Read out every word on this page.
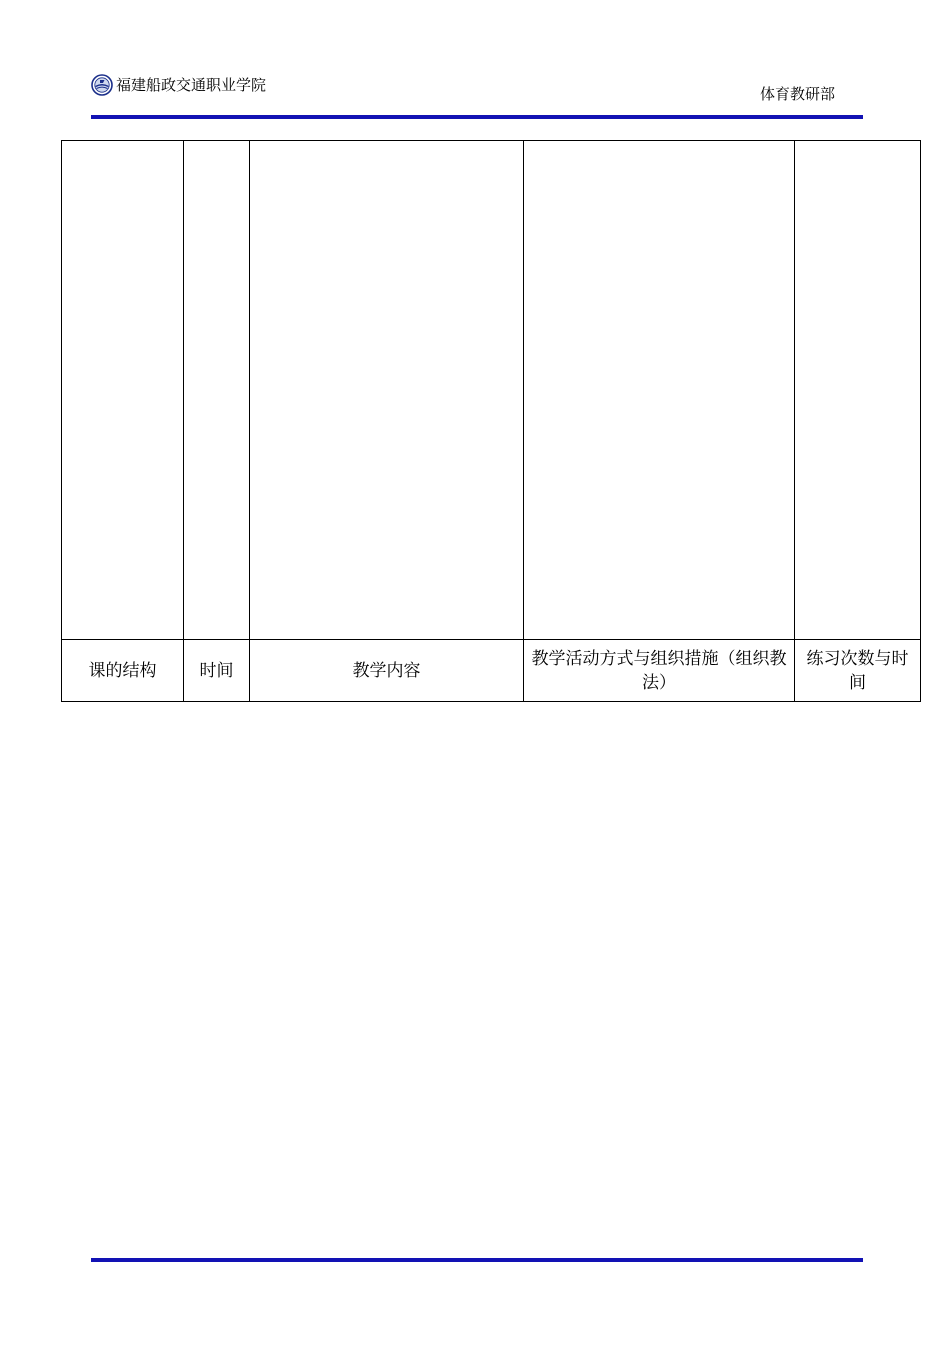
福建船政交通职业学院	体育教研部

课的结构	时间	教学内容	教学活动方式与组织措施（组织教法）	练习次数与时间
